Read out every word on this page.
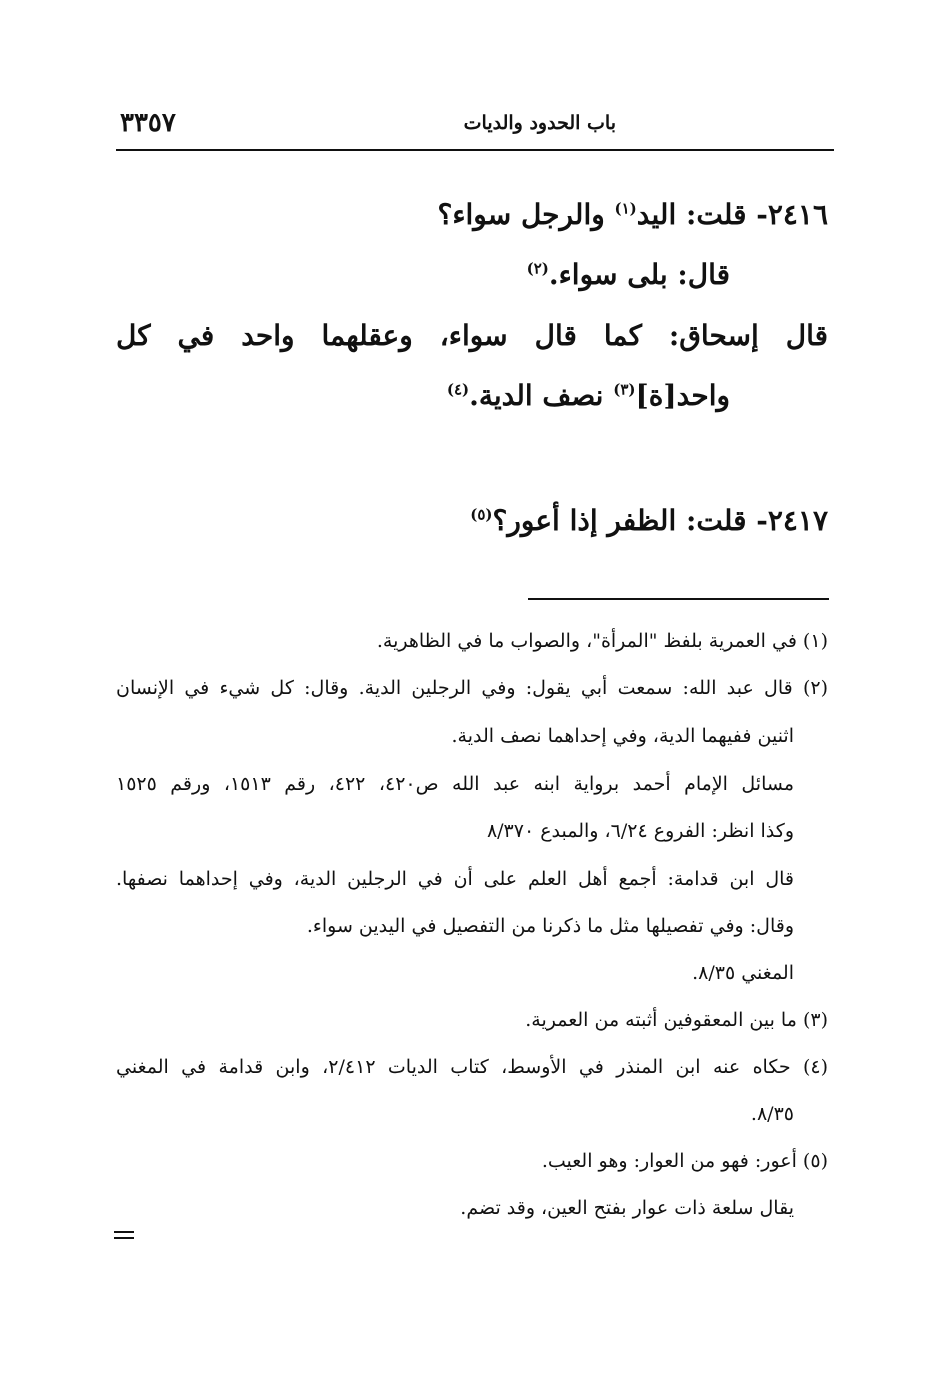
باب الحدود والديات
٣٣٥٧
٢٤١٦- قلت: اليد$^{(١)}$ والرجل سواء؟
قال: بلى سواء.$^{(٢)}$
قال إسحاق: كما قال سواء، وعقلهما واحد في كل
واحد[ة]$^{(٣)}$ نصف الدية.$^{(٤)}$
٢٤١٧- قلت: الظفر إذا أعور؟$^{(٥)}$
(١) في العمرية بلفظ "المرأة"، والصواب ما في الظاهرية.
(٢) قال عبد الله: سمعت أبي يقول: وفي الرجلين الدية. وقال: كل شيء في الإنسان
اثنين ففيهما الدية، وفي إحداهما نصف الدية.
مسائل الإمام أحمد برواية ابنه عبد الله ص٤٢٠، ٤٢٢، رقم ١٥١٣، ورقم ١٥٢٥
وكذا انظر: الفروع ٦/٢٤، والمبدع ٨/٣٧٠
قال ابن قدامة: أجمع أهل العلم على أن في الرجلين الدية، وفي إحداهما نصفها.
وقال: وفي تفصيلها مثل ما ذكرنا من التفصيل في اليدين سواء.
المغني ٨/٣٥.
(٣) ما بين المعقوفين أثبته من العمرية.
(٤) حكاه عنه ابن المنذر في الأوسط، كتاب الديات ٢/٤١٢، وابن قدامة في المغني
٨/٣٥.
(٥) أعور: فهو من العوار: وهو العيب.
يقال سلعة ذات عوار بفتح العين، وقد تضم.
